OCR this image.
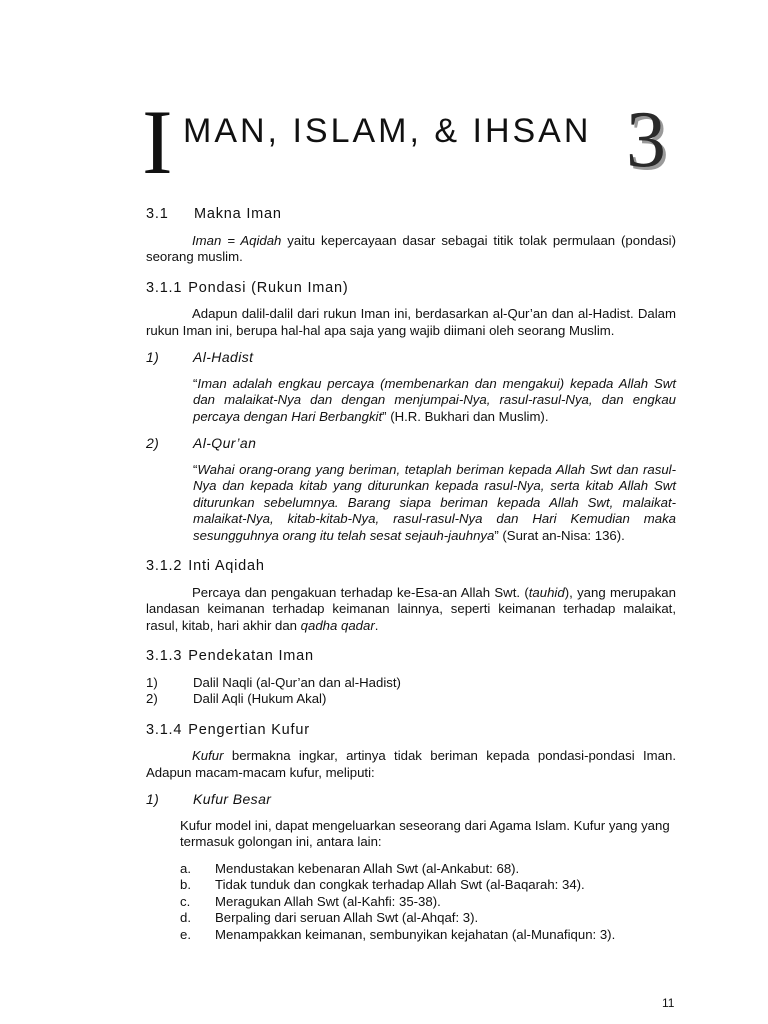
I MAN, ISLAM, & IHSAN 3
3.1 Makna Iman

Iman = Aqidah yaitu kepercayaan dasar sebagai titik tolak permulaan (pondasi) seorang muslim.

3.1.1 Pondasi (Rukun Iman)

Adapun dalil-dalil dari rukun Iman ini, berdasarkan al-Qur’an dan al-Hadist. Dalam rukun Iman ini, berupa hal-hal apa saja yang wajib diimani oleh seorang Muslim.

1)	Al-Hadist

“Iman adalah engkau percaya (membenarkan dan mengakui) kepada Allah Swt dan malaikat-Nya dan dengan menjumpai-Nya, rasul-rasul-Nya, dan engkau percaya dengan Hari Berbangkit” (H.R. Bukhari dan Muslim).

2)	Al-Qur’an

“Wahai orang-orang yang beriman, tetaplah beriman kepada Allah Swt dan rasul-Nya dan kepada kitab yang diturunkan kepada rasul-Nya, serta kitab Allah Swt diturunkan sebelumnya. Barang siapa beriman kepada Allah Swt, malaikat-malaikat-Nya, kitab-kitab-Nya, rasul-rasul-Nya dan Hari Kemudian maka sesungguhnya orang itu telah sesat sejauh-jauhnya” (Surat an-Nisa: 136).

3.1.2 Inti Aqidah

Percaya dan pengakuan terhadap ke-Esa-an Allah Swt. (tauhid), yang merupakan landasan keimanan terhadap keimanan lainnya, seperti keimanan terhadap malaikat, rasul, kitab, hari akhir dan qadha qadar.

3.1.3 Pendekatan Iman
1)	Dalil Naqli (al-Qur’an dan al-Hadist)
2)	Dalil Aqli (Hukum Akal)
3.1.4 Pengertian Kufur

Kufur bermakna ingkar, artinya tidak beriman kepada pondasi-pondasi Iman. Adapun macam-macam kufur, meliputi:

1)	Kufur Besar

Kufur model ini, dapat mengeluarkan seseorang dari Agama Islam. Kufur yang yang termasuk golongan ini, antara lain:

a.	Mendustakan kebenaran Allah Swt (al-Ankabut: 68).
b.	Tidak tunduk dan congkak terhadap Allah Swt (al-Baqarah: 34).
c.	Meragukan Allah Swt (al-Kahfi: 35-38).
d.	Berpaling dari seruan Allah Swt (al-Ahqaf: 3).
e.	Menampakkan keimanan, sembunyikan kejahatan (al-Munafiqun: 3).
11
